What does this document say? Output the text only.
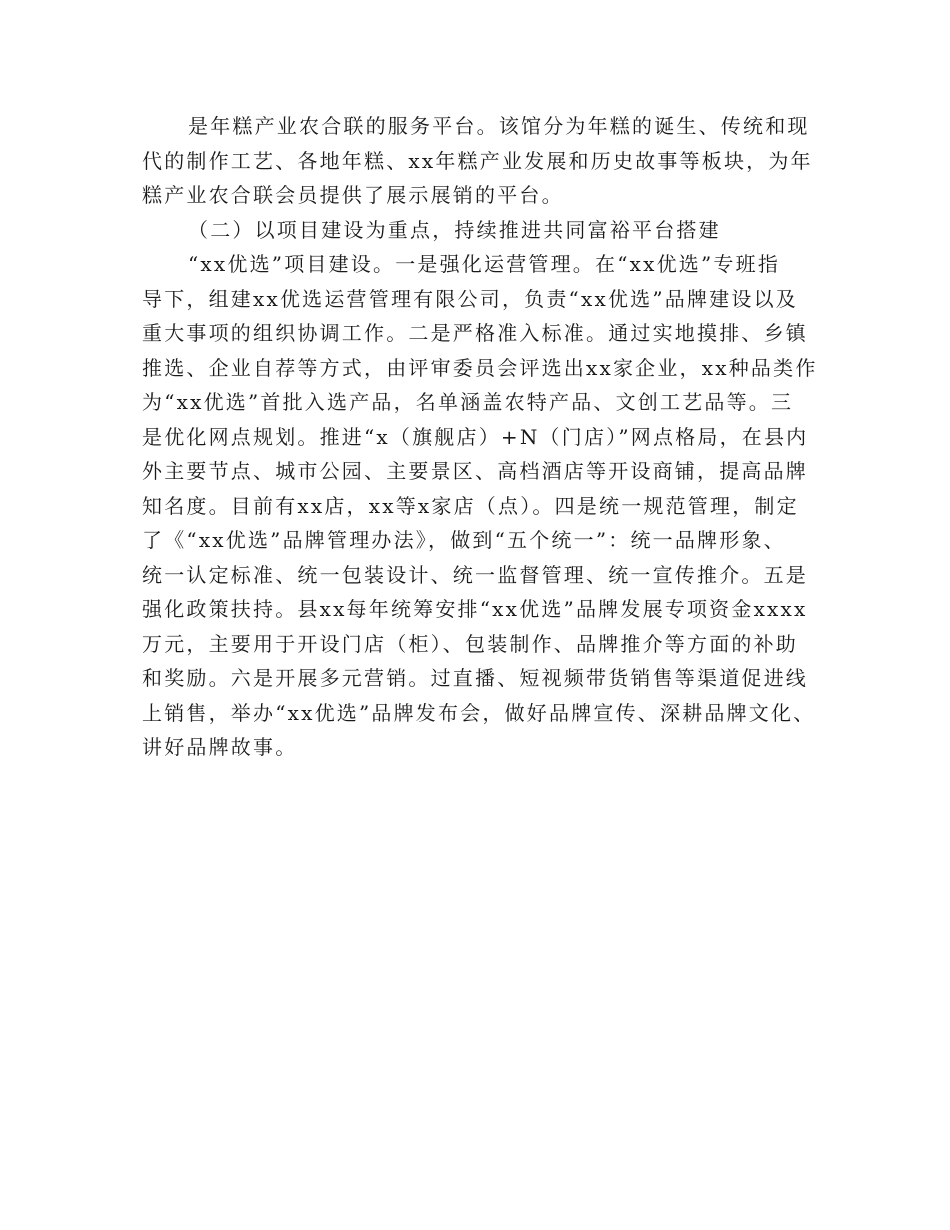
是年糕产业农合联的服务平台。该馆分为年糕的诞生、传统和现
代的制作工艺、各地年糕、xx年糕产业发展和历史故事等板块，为年
糕产业农合联会员提供了展示展销的平台。
（二）以项目建设为重点，持续推进共同富裕平台搭建
“xx优选”项目建设。一是强化运营管理。在“xx优选”专班指
导下，组建xx优选运营管理有限公司，负责“xx优选”品牌建设以及
重大事项的组织协调工作。二是严格准入标准。通过实地摸排、乡镇
推选、企业自荐等方式，由评审委员会评选出xx家企业，xx种品类作
为“xx优选”首批入选产品，名单涵盖农特产品、文创工艺品等。三
是优化网点规划。推进“x（旗舰店）+N（门店）”网点格局，在县内
外主要节点、城市公园、主要景区、高档酒店等开设商铺，提高品牌
知名度。目前有xx店，xx等x家店（点）。四是统一规范管理，制定
了《“xx优选”品牌管理办法》，做到“五个统一”：统一品牌形象、
统一认定标准、统一包装设计、统一监督管理、统一宣传推介。五是
强化政策扶持。县xx每年统筹安排“xx优选”品牌发展专项资金xxxx
万元，主要用于开设门店（柜）、包装制作、品牌推介等方面的补助
和奖励。六是开展多元营销。过直播、短视频带货销售等渠道促进线
上销售，举办“xx优选”品牌发布会，做好品牌宣传、深耕品牌文化、
讲好品牌故事。
